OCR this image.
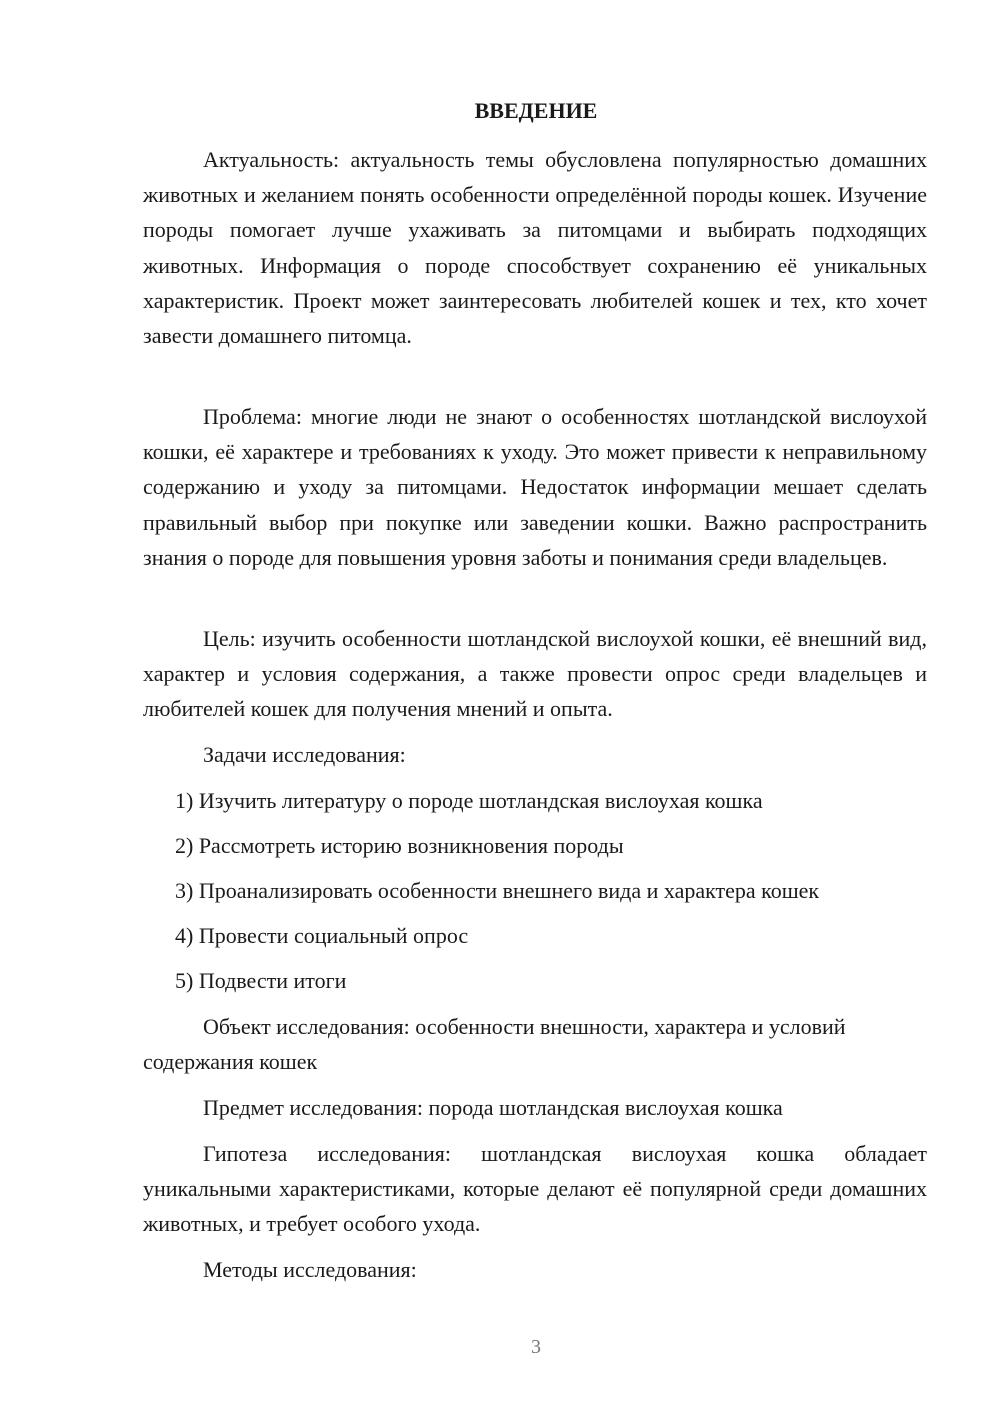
ВВЕДЕНИЕ

Актуальность: актуальность темы обусловлена популярностью домашних животных и желанием понять особенности определённой породы кошек. Изучение породы помогает лучше ухаживать за питомцами и выбирать подходящих животных. Информация о породе способствует сохранению её уникальных характеристик. Проект может заинтересовать любителей кошек и тех, кто хочет завести домашнего питомца.

Проблема: многие люди не знают о особенностях шотландской вислоухой кошки, её характере и требованиях к уходу. Это может привести к неправильному содержанию и уходу за питомцами. Недостаток информации мешает сделать правильный выбор при покупке или заведении кошки. Важно распространить знания о породе для повышения уровня заботы и понимания среди владельцев.

Цель: изучить особенности шотландской вислоухой кошки, её внешний вид, характер и условия содержания, а также провести опрос среди владельцев и любителей кошек для получения мнений и опыта.

Задачи исследования:

1) Изучить литературу о породе шотландская вислоухая кошка

2) Рассмотреть историю возникновения породы

3) Проанализировать особенности внешнего вида и характера кошек

4) Провести социальный опрос

5) Подвести итоги

Объект исследования: особенности внешности, характера и условий содержания кошек

Предмет исследования: порода шотландская вислоухая кошка

Гипотеза исследования: шотландская вислоухая кошка обладает уникальными характеристиками, которые делают её популярной среди домашних животных, и требует особого ухода.

Методы исследования:

3
